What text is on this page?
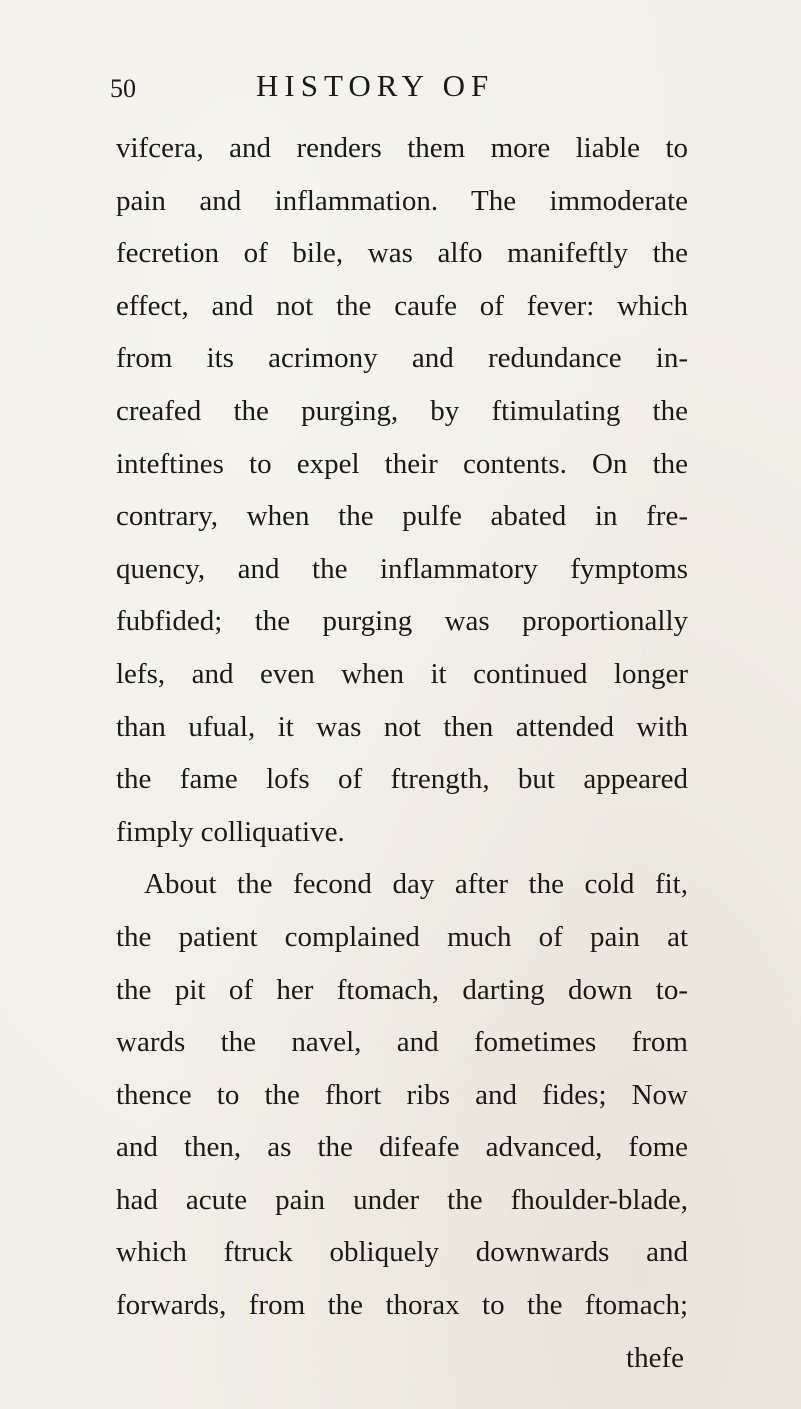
50	HISTORY OF
vifcera, and renders them more liable to
pain and inflammation. The immoderate
fecretion of bile, was alfo manifeftly the
effect, and not the caufe of fever: which
from its acrimony and redundance in-
creafed the purging, by ftimulating the
inteftines to expel their contents. On the
contrary, when the pulfe abated in fre-
quency, and the inflammatory fymptoms
fubfided; the purging was proportionally
lefs, and even when it continued longer
than ufual, it was not then attended with
the fame lofs of ftrength, but appeared
fimply colliquative.
About the fecond day after the cold fit,
the patient complained much of pain at
the pit of her ftomach, darting down to-
wards the navel, and fometimes from
thence to the fhort ribs and fides; Now
and then, as the difeafe advanced, fome
had acute pain under the fhoulder-blade,
which ftruck obliquely downwards and
forwards, from the thorax to the ftomach;
thefe
